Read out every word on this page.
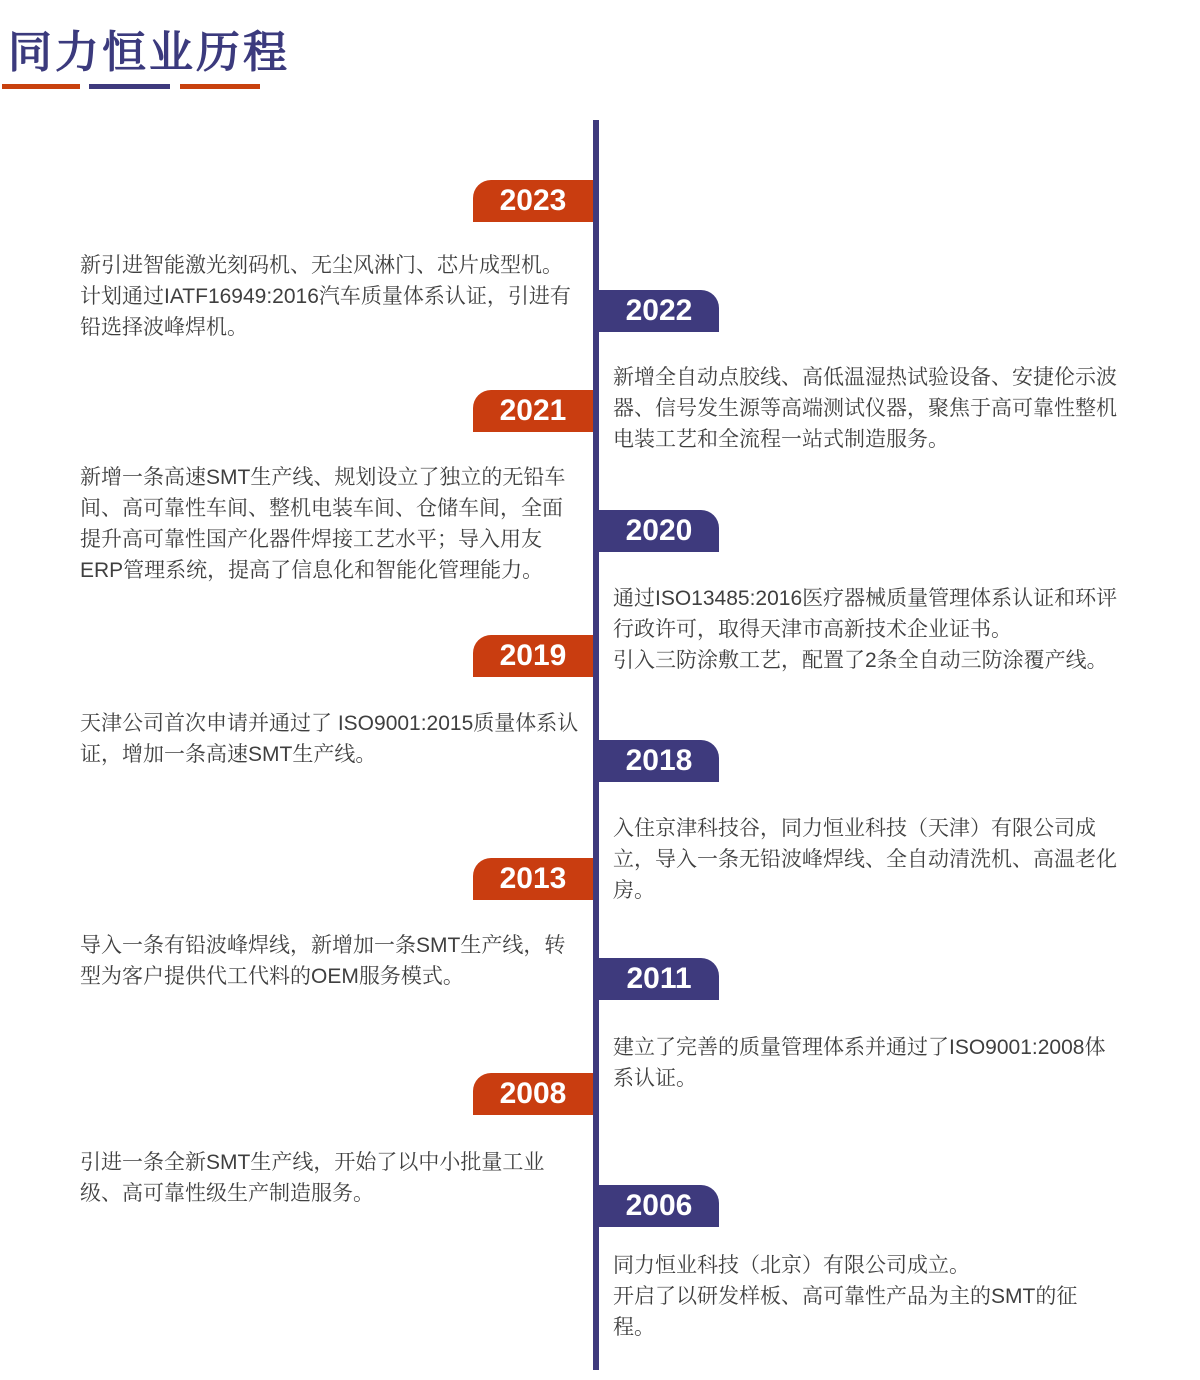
同力恒业历程
2023

新引进智能激光刻码机、无尘风淋门、芯片成型机。计划通过IATF16949:2016汽车质量体系认证，引进有铅选择波峰焊机。

2022

新增全自动点胶线、高低温湿热试验设备、安捷伦示波器、信号发生源等高端测试仪器，聚焦于高可靠性整机电装工艺和全流程一站式制造服务。

2021

新增一条高速SMT生产线、规划设立了独立的无铅车间、高可靠性车间、整机电装车间、仓储车间，全面提升高可靠性国产化器件焊接工艺水平；导入用友ERP管理系统，提高了信息化和智能化管理能力。

2020

通过ISO13485:2016医疗器械质量管理体系认证和环评行政许可，取得天津市高新技术企业证书。

引入三防涂敷工艺，配置了2条全自动三防涂覆产线。

2019

天津公司首次申请并通过了 ISO9001:2015质量体系认证，增加一条高速SMT生产线。	2018

入住京津科技谷，同力恒业科技（天津）有限公司成立，导入一条无铅波峰焊线、全自动清洗机、高温老化房。

2013

导入一条有铅波峰焊线，新增加一条SMT生产线，转型为客户提供代工代料的OEM服务模式。	2011

建立了完善的质量管理体系并通过了ISO9001:2008体系认证。

2008

引进一条全新SMT生产线，开始了以中小批量工业级、高可靠性级生产制造服务。	2006

同力恒业科技（北京）有限公司成立。

开启了以研发样板、高可靠性产品为主的SMT的征程。
